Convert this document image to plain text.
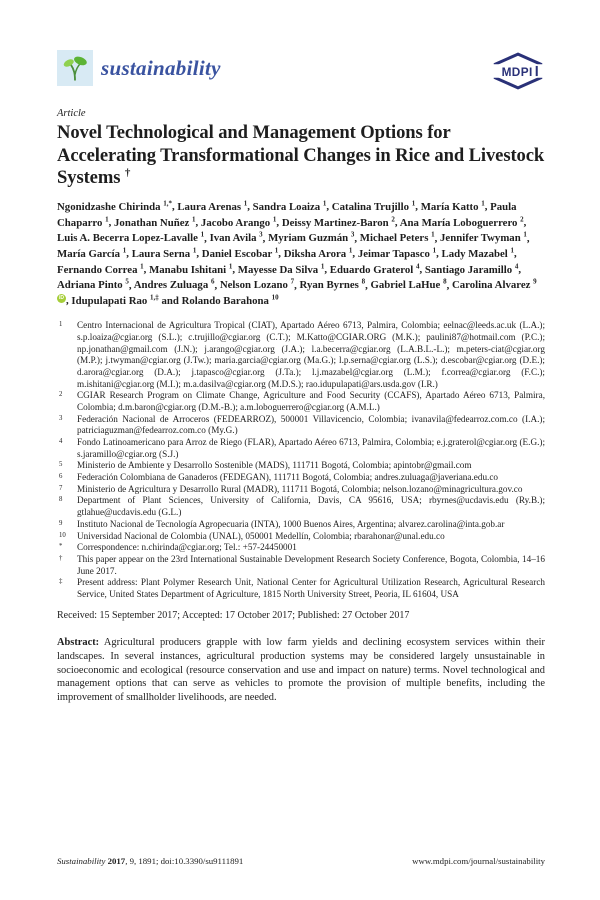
sustainability	MDPI
Article
Novel Technological and Management Options for Accelerating Transformational Changes in Rice and Livestock Systems †

Ngonidzashe Chirinda $^{1,*}$, Laura Arenas $^1$, Sandra Loaiza $^1$, Catalina Trujillo $^1$, María Katto $^1$, Paula Chaparro $^1$, Jonathan Nuñez $^1$, Jacobo Arango $^1$, Deissy Martinez-Baron $^2$, Ana María Loboguerrero $^2$, Luis A. Becerra Lopez-Lavalle $^1$, Ivan Avila $^3$, Myriam Guzmán $^3$, Michael Peters $^1$, Jennifer Twyman $^1$, María García $^1$, Laura Serna $^1$, Daniel Escobar $^1$, Diksha Arora $^1$, Jeimar Tapasco $^1$, Lady Mazabel $^1$, Fernando Correa $^1$, Manabu Ishitani $^1$, Mayesse Da Silva $^1$, Eduardo Graterol $^4$, Santiago Jaramillo $^4$, Adriana Pinto $^5$, Andres Zuluaga $^6$, Nelson Lozano $^7$, Ryan Byrnes $^8$, Gabriel LaHue $^8$, Carolina Alvarez $^9$ iD , Idupulapati Rao $^{1,\ddagger}$ and Rolando Barahona $^{10}$

1	Centro Internacional de Agricultura Tropical (CIAT), Apartado Aéreo 6713, Palmira, Colombia; eelnac@leeds.ac.uk (L.A.); s.p.loaiza@cgiar.org (S.L.); c.trujillo@cgiar.org (C.T.); M.Katto@CGIAR.ORG (M.K.); paulini87@hotmail.com (P.C.); np.jonathan@gmail.com (J.N.); j.arango@cgiar.org (J.A.); l.a.becerra@cgiar.org (L.A.B.L.-L.); m.peters-ciat@cgiar.org (M.P.); j.twyman@cgiar.org (J.Tw.); maria.garcia@cgiar.org (Ma.G.); l.p.serna@cgiar.org (L.S.); d.escobar@cgiar.org (D.E.); d.arora@cgiar.org (D.A.); j.tapasco@cgiar.org (J.Ta.); l.j.mazabel@cgiar.org (L.M.); f.correa@cgiar.org (F.C.); m.ishitani@cgiar.org (M.I.); m.a.dasilva@cgiar.org (M.D.S.); rao.idupulapati@ars.usda.gov (I.R.)
2	CGIAR Research Program on Climate Change, Agriculture and Food Security (CCAFS), Apartado Aéreo 6713, Palmira, Colombia; d.m.baron@cgiar.org (D.M.-B.); a.m.loboguerrero@cgiar.org (A.M.L.)
3	Federación Nacional de Arroceros (FEDEARROZ), 500001 Villavicencio, Colombia; ivanavila@fedearroz.com.co (I.A.); patriciaguzman@fedearroz.com.co (My.G.)
4	Fondo Latinoamericano para Arroz de Riego (FLAR), Apartado Aéreo 6713, Palmira, Colombia; e.j.graterol@cgiar.org (E.G.); s.jaramillo@cgiar.org (S.J.)
5	Ministerio de Ambiente y Desarrollo Sostenible (MADS), 111711 Bogotá, Colombia; apintobr@gmail.com
6	Federación Colombiana de Ganaderos (FEDEGAN), 111711 Bogotá, Colombia; andres.zuluaga@javeriana.edu.co
7	Ministerio de Agricultura y Desarrollo Rural (MADR), 111711 Bogotá, Colombia; nelson.lozano@minagricultura.gov.co
8	Department of Plant Sciences, University of California, Davis, CA 95616, USA; rbyrnes@ucdavis.edu (Ry.B.); gtlahue@ucdavis.edu (G.L.)
9	Instituto Nacional de Tecnología Agropecuaria (INTA), 1000 Buenos Aires, Argentina; alvarez.carolina@inta.gob.ar
10	Universidad Nacional de Colombia (UNAL), 050001 Medellín, Colombia; rbarahonar@unal.edu.co
*	Correspondence: n.chirinda@cgiar.org; Tel.: +57-24450001
†	This paper appear on the 23rd International Sustainable Development Research Society Conference, Bogota, Colombia, 14–16 June 2017.
‡	Present address: Plant Polymer Research Unit, National Center for Agricultural Utilization Research, Agricultural Research Service, United States Department of Agriculture, 1815 North University Street, Peoria, IL 61604, USA

Received: 15 September 2017; Accepted: 17 October 2017; Published: 27 October 2017

Abstract: Agricultural producers grapple with low farm yields and declining ecosystem services within their landscapes. In several instances, agricultural production systems may be considered largely unsustainable in socioeconomic and ecological (resource conservation and use and impact on nature) terms. Novel technological and management options that can serve as vehicles to promote the provision of multiple benefits, including the improvement of smallholder livelihoods, are needed.

Sustainability 2017, 9, 1891; doi:10.3390/su9111891	www.mdpi.com/journal/sustainability
